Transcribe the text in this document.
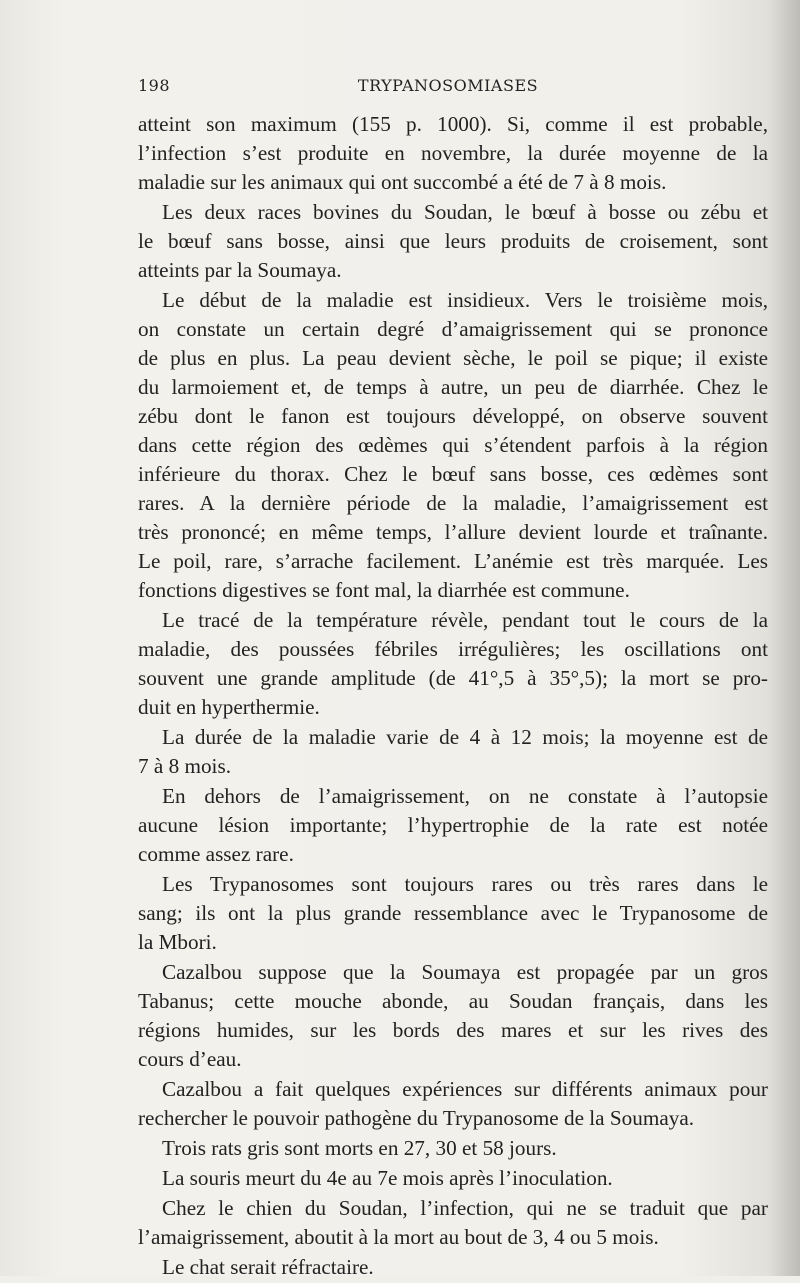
198	TRYPANOSOMIASES

atteint son maximum (155 p. 1000). Si, comme il est probable,
l’infection s’est produite en novembre, la durée moyenne de la
maladie sur les animaux qui ont succombé a été de 7 à 8 mois.

Les deux races bovines du Soudan, le bœuf à bosse ou zébu et
le bœuf sans bosse, ainsi que leurs produits de croisement, sont
atteints par la Soumaya.

Le début de la maladie est insidieux. Vers le troisième mois,
on constate un certain degré d’amaigrissement qui se prononce
de plus en plus. La peau devient sèche, le poil se pique; il existe
du larmoiement et, de temps à autre, un peu de diarrhée. Chez le
zébu dont le fanon est toujours développé, on observe souvent
dans cette région des œdèmes qui s’étendent parfois à la région
inférieure du thorax. Chez le bœuf sans bosse, ces œdèmes sont
rares. A la dernière période de la maladie, l’amaigrissement est
très prononcé; en même temps, l’allure devient lourde et traînante.
Le poil, rare, s’arrache facilement. L’anémie est très marquée. Les
fonctions digestives se font mal, la diarrhée est commune.

Le tracé de la température révèle, pendant tout le cours de la
maladie, des poussées fébriles irrégulières; les oscillations ont
souvent une grande amplitude (de 41°,5 à 35°,5); la mort se pro-
duit en hyperthermie.

La durée de la maladie varie de 4 à 12 mois; la moyenne est de
7 à 8 mois.

En dehors de l’amaigrissement, on ne constate à l’autopsie
aucune lésion importante; l’hypertrophie de la rate est notée
comme assez rare.

Les Trypanosomes sont toujours rares ou très rares dans le
sang; ils ont la plus grande ressemblance avec le Trypanosome de
la Mbori.

Cazalbou suppose que la Soumaya est propagée par un gros
Tabanus; cette mouche abonde, au Soudan français, dans les
régions humides, sur les bords des mares et sur les rives des
cours d’eau.

Cazalbou a fait quelques expériences sur différents animaux pour
rechercher le pouvoir pathogène du Trypanosome de la Soumaya.

Trois rats gris sont morts en 27, 30 et 58 jours.

La souris meurt du 4e au 7e mois après l’inoculation.

Chez le chien du Soudan, l’infection, qui ne se traduit que par
l’amaigrissement, aboutit à la mort au bout de 3, 4 ou 5 mois.

Le chat serait réfractaire.
